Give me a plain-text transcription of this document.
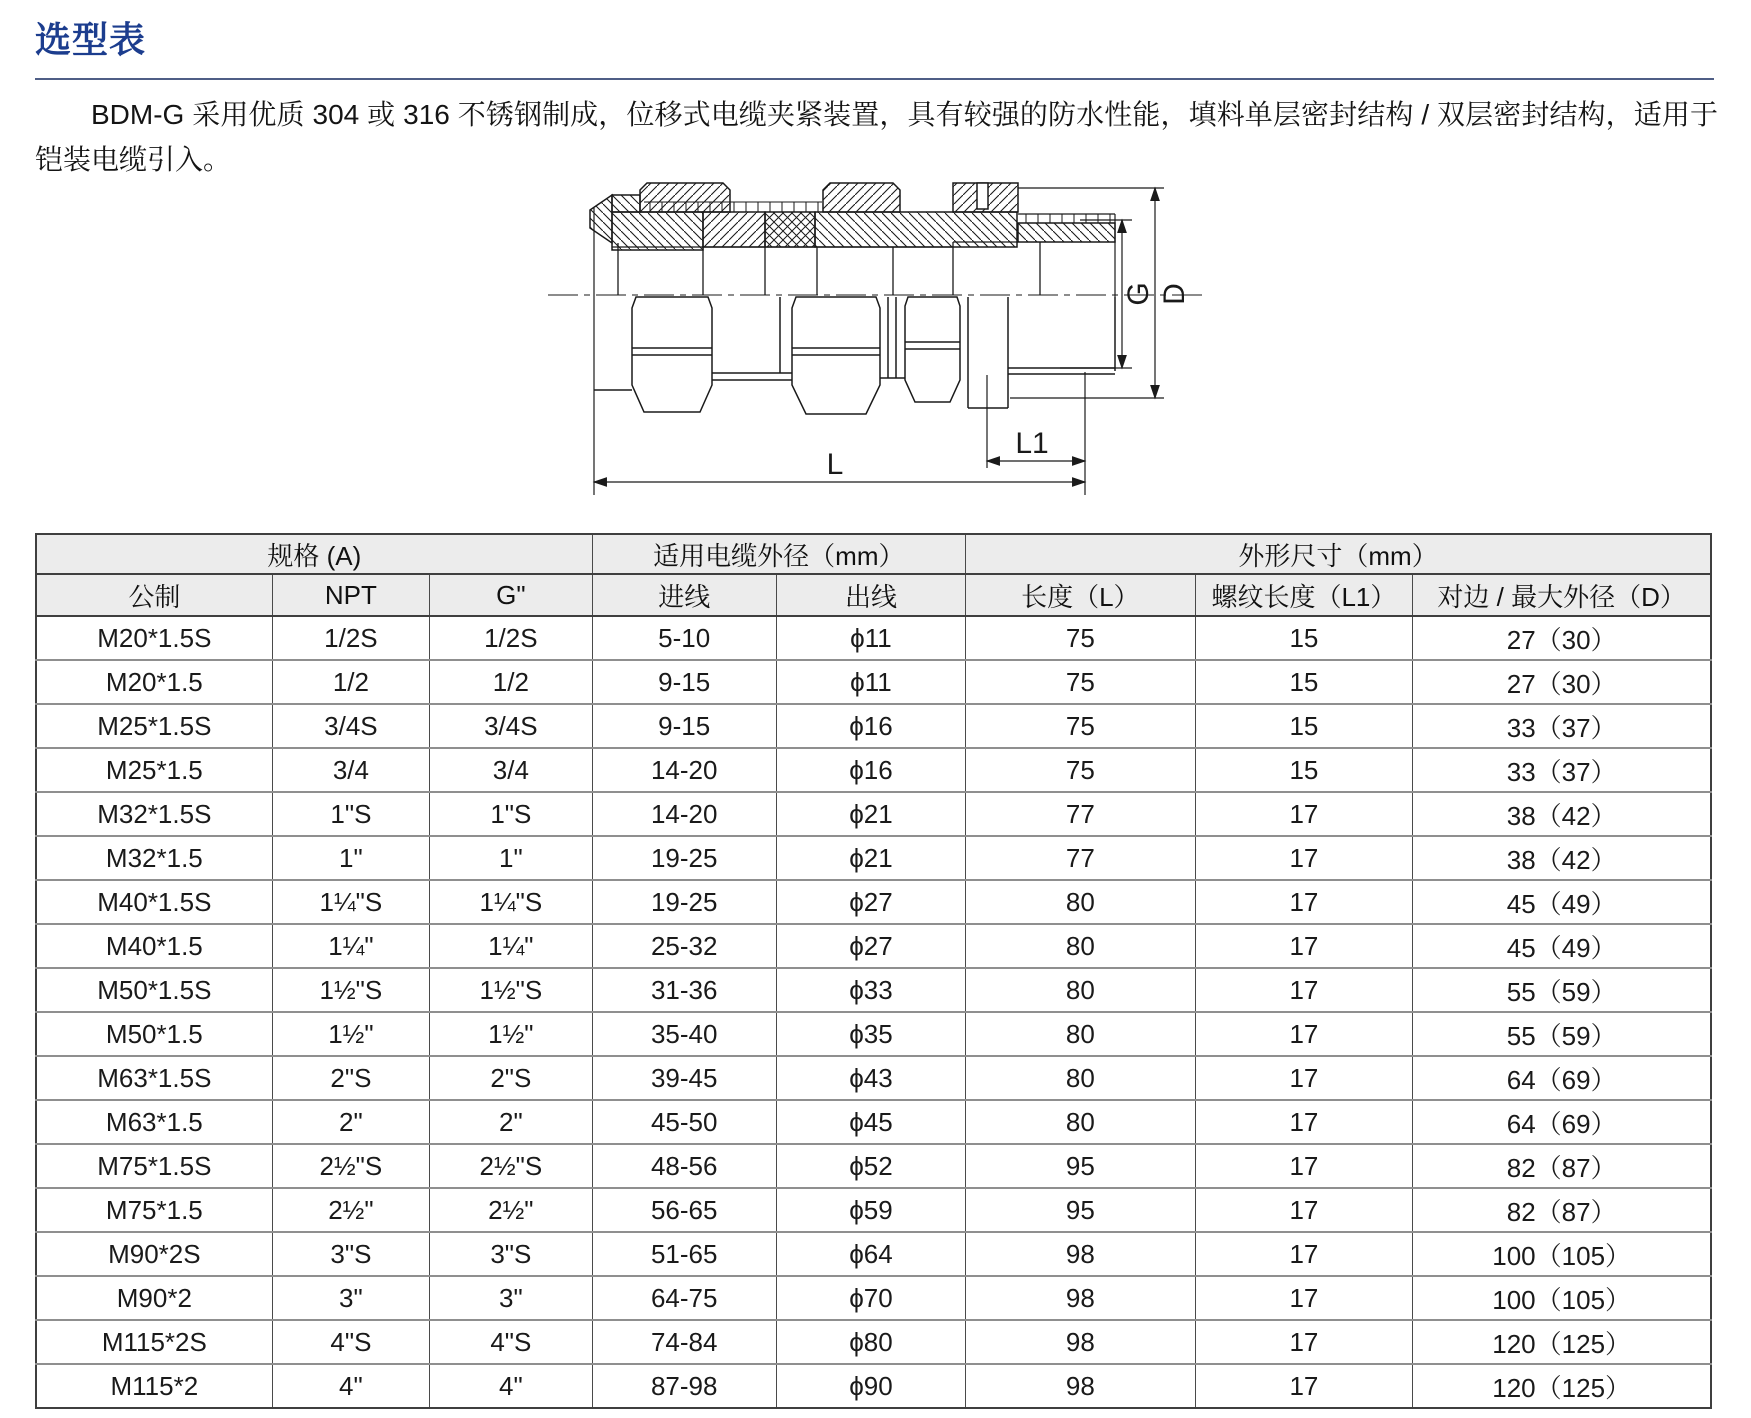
选型表

BDM-G 采用优质 304 或 316 不锈钢制成，位移式电缆夹紧装置，具有较强的防水性能，填料单层密封结构 / 双层密封结构，适用于铠装电缆引入。

L
L1
G D
规格 (A)			适用电缆外径（mm）		外形尺寸（mm）		
公制	NPT	G"	进线	出线	长度（L）	螺纹长度（L1）	对边 / 最大外径（D）
M20*1.5S	1/2S	1/2S	5-10	ϕ11	75	15	27（30）
M20*1.5	1/2	1/2	9-15	ϕ11	75	15	27（30）
M25*1.5S	3/4S	3/4S	9-15	ϕ16	75	15	33（37）
M25*1.5	3/4	3/4	14-20	ϕ16	75	15	33（37）
M32*1.5S	1"S	1"S	14-20	ϕ21	77	17	38（42）
M32*1.5	1"	1"	19-25	ϕ21	77	17	38（42）
M40*1.5S	1¼"S	1¼"S	19-25	ϕ27	80	17	45（49）
M40*1.5	1¼"	1¼"	25-32	ϕ27	80	17	45（49）
M50*1.5S	1½"S	1½"S	31-36	ϕ33	80	17	55（59）
M50*1.5	1½"	1½"	35-40	ϕ35	80	17	55（59）
M63*1.5S	2"S	2"S	39-45	ϕ43	80	17	64（69）
M63*1.5	2"	2"	45-50	ϕ45	80	17	64（69）
M75*1.5S	2½"S	2½"S	48-56	ϕ52	95	17	82（87）
M75*1.5	2½"	2½"	56-65	ϕ59	95	17	82（87）
M90*2S	3"S	3"S	51-65	ϕ64	98	17	100（105）
M90*2	3"	3"	64-75	ϕ70	98	17	100（105）
M115*2S	4"S	4"S	74-84	ϕ80	98	17	120（125）
M115*2	4"	4"	87-98	ϕ90	98	17	120（125）
